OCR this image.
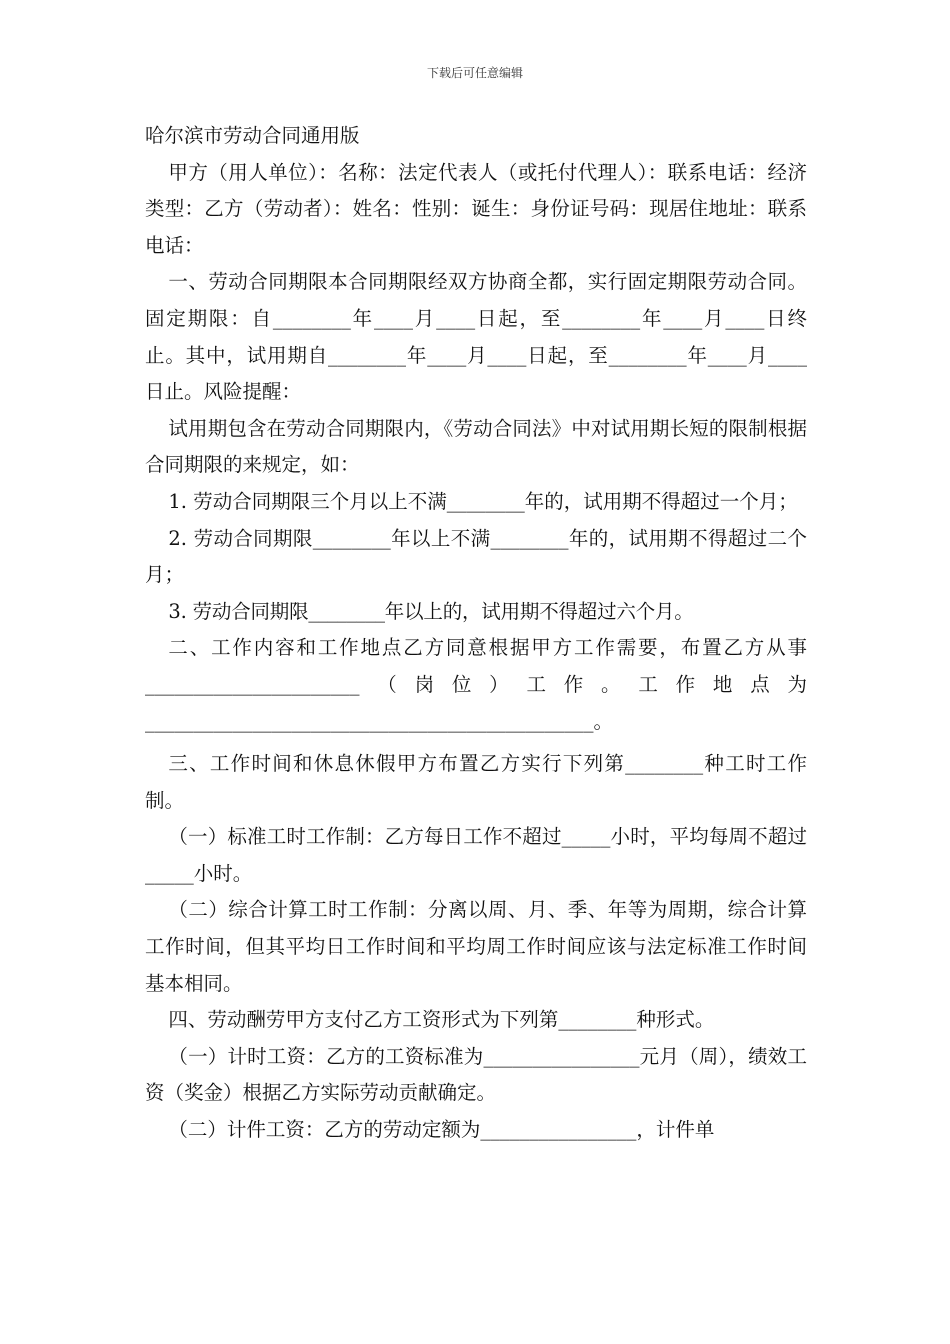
下载后可任意编辑

哈尔滨市劳动合同通用版

甲方（用人单位）：名称：法定代表人（或托付代理人）：联系电话：经济类型：乙方（劳动者）：姓名：性别：诞生：身份证号码：现居住地址：联系电话：

一、劳动合同期限本合同期限经双方协商全都，实行固定期限劳动合同。固定期限：自________年____月____日起，至________年____月____日终止。其中，试用期自________年____月____日起，至________年____月____日止。风险提醒：

试用期包含在劳动合同期限内，《劳动合同法》中对试用期长短的限制根据合同期限的来规定，如：

1. 劳动合同期限三个月以上不满________年的，试用期不得超过一个月；

2. 劳动合同期限________年以上不满________年的，试用期不得超过二个月；

3. 劳动合同期限________年以上的，试用期不得超过六个月。

二、工作内容和工作地点乙方同意根据甲方工作需要，布置乙方从事______________________（岗位）工作。工作地点为______________________________________________。

三、工作时间和休息休假甲方布置乙方实行下列第________种工时工作制。

（一）标准工时工作制：乙方每日工作不超过_____小时，平均每周不超过_____小时。

（二）综合计算工时工作制：分离以周、月、季、年等为周期，综合计算工作时间，但其平均日工作时间和平均周工作时间应该与法定标准工作时间基本相同。

四、劳动酬劳甲方支付乙方工资形式为下列第________种形式。

（一）计时工资：乙方的工资标准为________________元月（周），绩效工资（奖金）根据乙方实际劳动贡献确定。

（二）计件工资：乙方的劳动定额为________________，计件单
